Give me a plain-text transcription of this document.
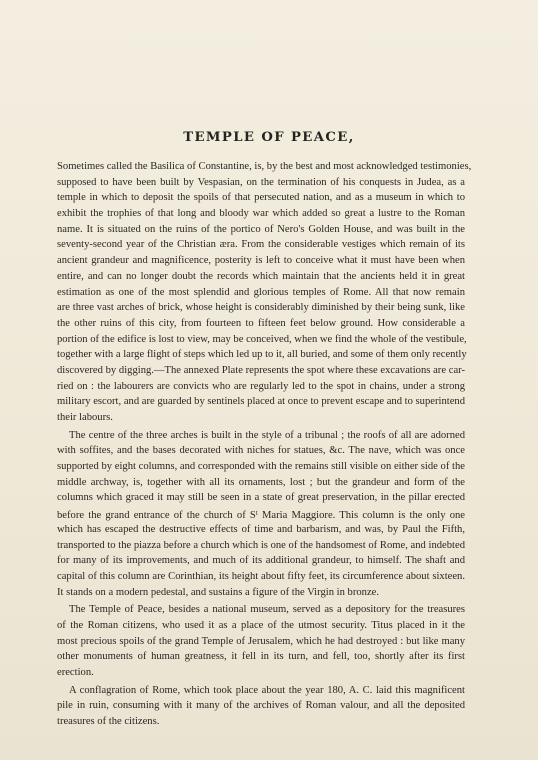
TEMPLE OF PEACE,
Sometimes called the Basilica of Constantine, is, by the best and most acknowledged testimonies,
supposed to have been built by Vespasian, on the termination of his conquests in Judea, as a
temple in which to deposit the spoils of that persecuted nation, and as a museum in which to
exhibit the trophies of that long and bloody war which added so great a lustre to the Roman
name. It is situated on the ruins of the portico of Nero's Golden House, and was built in the
seventy-second year of the Christian æra. From the considerable vestiges which remain of its
ancient grandeur and magnificence, posterity is left to conceive what it must have been when
entire, and can no longer doubt the records which maintain that the ancients held it in great
estimation as one of the most splendid and glorious temples of Rome. All that now remain
are three vast arches of brick, whose height is considerably diminished by their being sunk, like
the other ruins of this city, from fourteen to fifteen feet below ground. How considerable a
portion of the edifice is lost to view, may be conceived, when we find the whole of the vestibule,
together with a large flight of steps which led up to it, all buried, and some of them only recently
discovered by digging.—The annexed Plate represents the spot where these excavations are car-
ried on : the labourers are convicts who are regularly led to the spot in chains, under a strong
military escort, and are guarded by sentinels placed at once to prevent escape and to superintend
their labours.
The centre of the three arches is built in the style of a tribunal ; the roofs of all are adorned
with soffites, and the bases decorated with niches for statues, &c. The nave, which was once
supported by eight columns, and corresponded with the remains still visible on either side of the
middle archway, is, together with all its ornaments, lost ; but the grandeur and form of the
columns which graced it may still be seen in a state of great preservation, in the pillar erected
before the grand entrance of the church of $S^t$ Maria Maggiore. This column is the only one
which has escaped the destructive effects of time and barbarism, and was, by Paul the Fifth,
transported to the piazza before a church which is one of the handsomest of Rome, and indebted
for many of its improvements, and much of its additional grandeur, to himself. The shaft and
capital of this column are Corinthian, its height about fifty feet, its circumference about sixteen.
It stands on a modern pedestal, and sustains a figure of the Virgin in bronze.
The Temple of Peace, besides a national museum, served as a depository for the treasures
of the Roman citizens, who used it as a place of the utmost security. Titus placed in it the
most precious spoils of the grand Temple of Jerusalem, which he had destroyed : but like many
other monuments of human greatness, it fell in its turn, and fell, too, shortly after its first
erection.
A conflagration of Rome, which took place about the year 180, A. C. laid this magnificent
pile in ruin, consuming with it many of the archives of Roman valour, and all the deposited
treasures of the citizens.
